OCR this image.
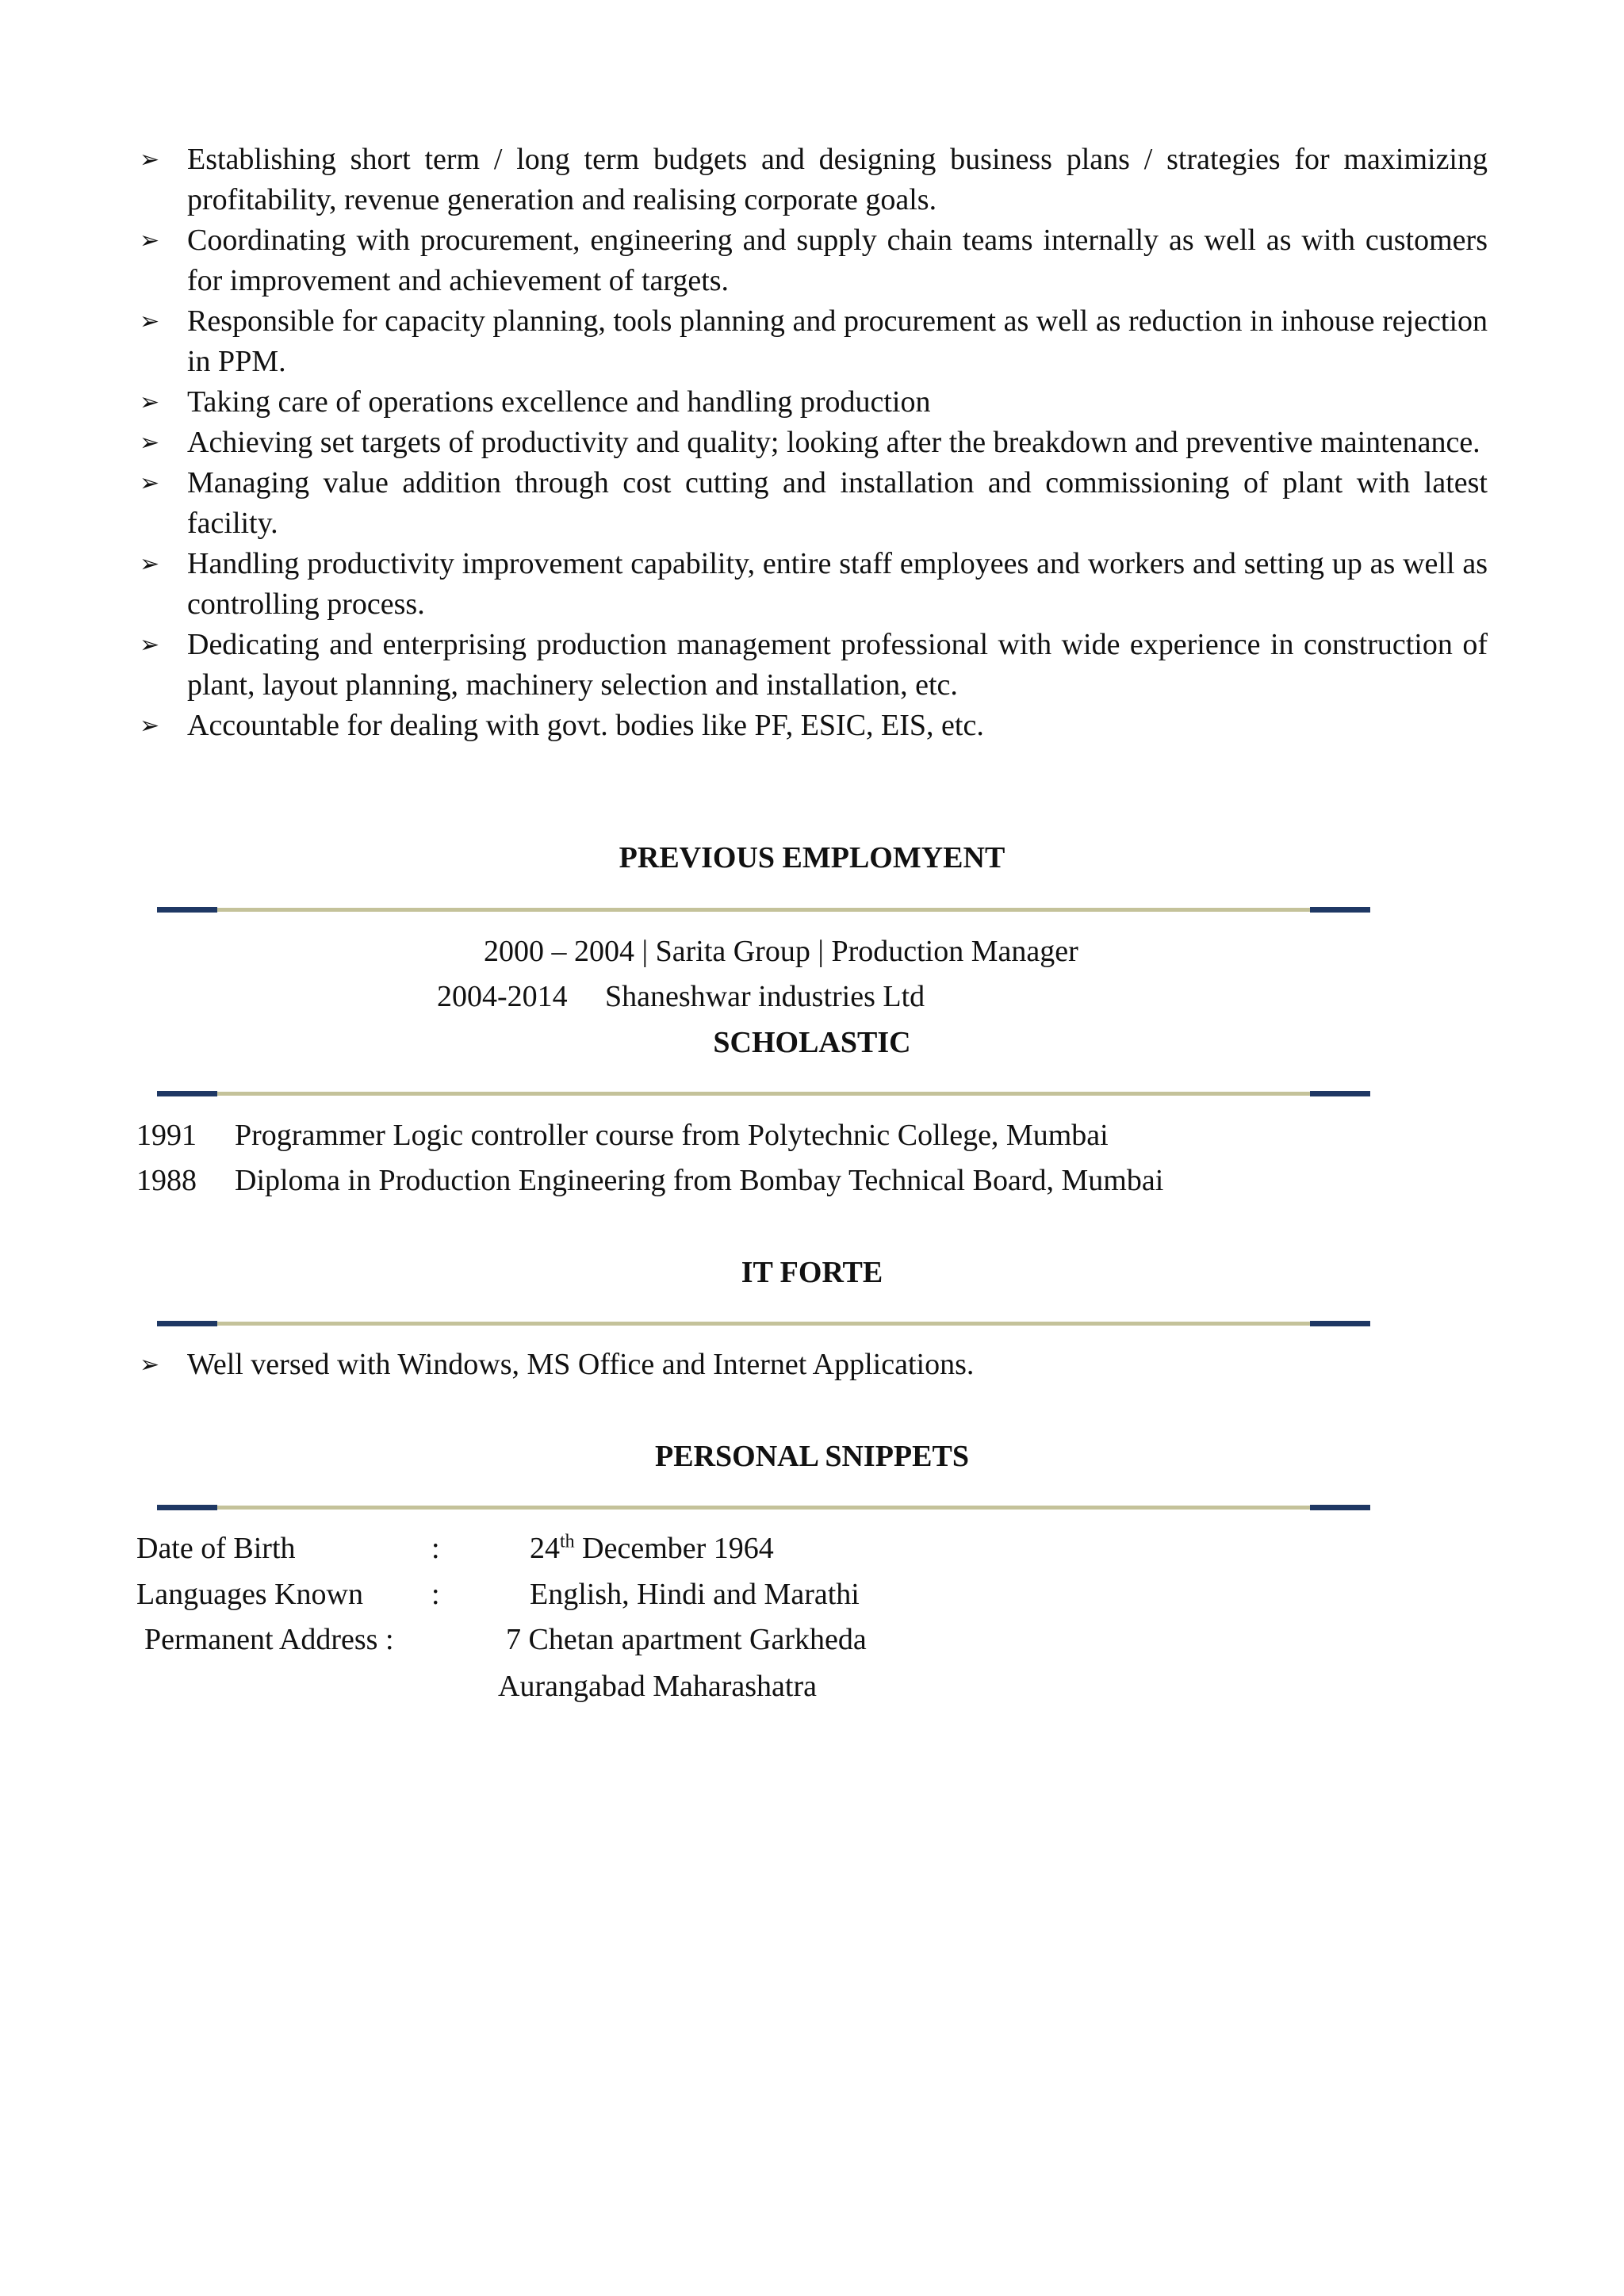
➢ Establishing short term / long term budgets and designing business plans / strategies for maximizing profitability, revenue generation and realising corporate goals.
➢ Coordinating with procurement, engineering and supply chain teams internally as well as with customers for improvement and achievement of targets.
➢ Responsible for capacity planning, tools planning and procurement as well as reduction in inhouse rejection in PPM.
➢ Taking care of operations excellence and handling production
➢ Achieving set targets of productivity and quality; looking after the breakdown and preventive maintenance.
➢ Managing value addition through cost cutting and installation and commissioning of plant with latest facility.
➢ Handling productivity improvement capability, entire staff employees and workers and setting up as well as controlling process.
➢ Dedicating and enterprising production management professional with wide experience in construction of plant, layout planning, machinery selection and installation, etc.
➢ Accountable for dealing with govt. bodies like PF, ESIC, EIS, etc.
PREVIOUS EMPLOMYENT
2000 – 2004 | Sarita Group | Production Manager
2004-2014 Shaneshwar industries Ltd
SCHOLASTIC
1991 Programmer Logic controller course from Polytechnic College, Mumbai
1988 Diploma in Production Engineering from Bombay Technical Board, Mumbai
IT FORTE
➢ Well versed with Windows, MS Office and Internet Applications.
PERSONAL SNIPPETS
Date of Birth	:	24th December 1964
Languages Known :	English, Hindi and Marathi
Permanent Address :	7 Chetan apartment Garkheda
Aurangabad Maharashatra
